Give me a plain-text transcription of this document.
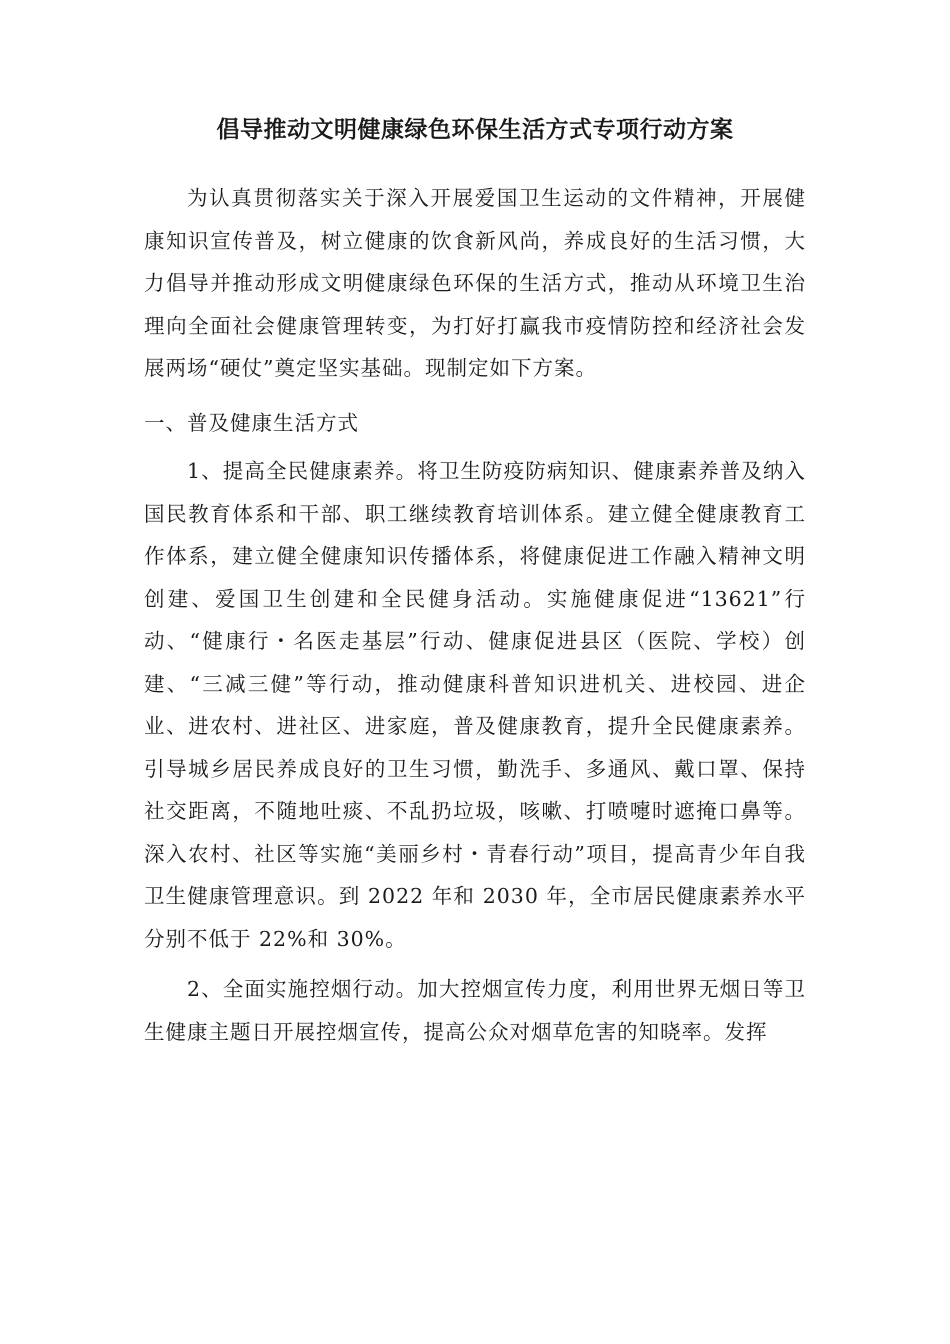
倡导推动文明健康绿色环保生活方式专项行动方案

为认真贯彻落实关于深入开展爱国卫生运动的文件精神，开展健康知识宣传普及，树立健康的饮食新风尚，养成良好的生活习惯，大力倡导并推动形成文明健康绿色环保的生活方式，推动从环境卫生治理向全面社会健康管理转变，为打好打赢我市疫情防控和经济社会发展两场“硬仗”奠定坚实基础。现制定如下方案。

一、普及健康生活方式

1、提高全民健康素养。将卫生防疫防病知识、健康素养普及纳入国民教育体系和干部、职工继续教育培训体系。建立健全健康教育工作体系，建立健全健康知识传播体系，将健康促进工作融入精神文明创建、爱国卫生创建和全民健身活动。实施健康促进“13621”行动、“健康行・名医走基层”行动、健康促进县区（医院、学校）创建、“三减三健”等行动，推动健康科普知识进机关、进校园、进企业、进农村、进社区、进家庭，普及健康教育，提升全民健康素养。引导城乡居民养成良好的卫生习惯，勤洗手、多通风、戴口罩、保持社交距离，不随地吐痰、不乱扔垃圾，咳嗽、打喷嚏时遮掩口鼻等。深入农村、社区等实施“美丽乡村・青春行动”项目，提高青少年自我卫生健康管理意识。到 2022 年和 2030 年，全市居民健康素养水平分别不低于 22%和 30%。

2、全面实施控烟行动。加大控烟宣传力度，利用世界无烟日等卫生健康主题日开展控烟宣传，提高公众对烟草危害的知晓率。发挥
